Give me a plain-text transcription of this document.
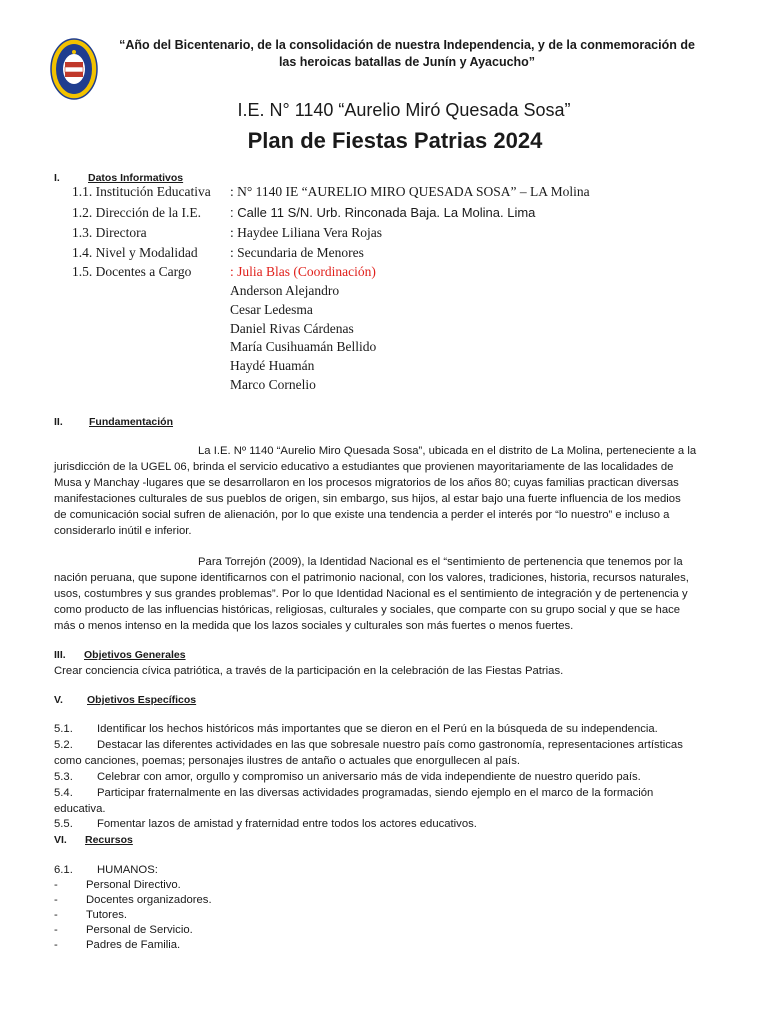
“Año del Bicentenario, de la consolidación de nuestra Independencia, y de la conmemoración de las heroicas batallas de Junín y Ayacucho”
I.E. N° 1140 “Aurelio Miró Quesada Sosa”
Plan de Fiestas Patrias 2024
I.	Datos Informativos
1.1. Institución Educativa : N° 1140 IE “AURELIO MIRO QUESADA SOSA” – LA Molina
1.2. Dirección de la I.E. : Calle 11 S/N. Urb. Rinconada Baja. La Molina. Lima
1.3. Directora	: Haydee Liliana Vera Rojas
1.4. Nivel y Modalidad : Secundaria de Menores
1.5. Docentes a Cargo	: Julia Blas (Coordinación)
Anderson Alejandro
Cesar Ledesma
Daniel Rivas Cárdenas
María Cusihuamán Bellido
Haydé Huamán
Marco Cornelio
II. Fundamentación
La I.E. Nº 1140 “Aurelio Miro Quesada Sosa”, ubicada en el distrito de La Molina, perteneciente a la
jurisdicción de la UGEL 06, brinda el servicio educativo a estudiantes que provienen mayoritariamente de las localidades de
Musa y Manchay -lugares que se desarrollaron en los procesos migratorios de los años 80; cuyas familias practican diversas
manifestaciones culturales de sus pueblos de origen, sin embargo, sus hijos, al estar bajo una fuerte influencia de los medios
de comunicación social sufren de alienación, por lo que existe una tendencia a perder el interés por “lo nuestro” e incluso a
considerarlo inútil e inferior.
Para Torrejón (2009), la Identidad Nacional es el “sentimiento de pertenencia que tenemos por la
nación peruana, que supone identificarnos con el patrimonio nacional, con los valores, tradiciones, historia, recursos naturales,
usos, costumbres y sus grandes problemas”. Por lo que Identidad Nacional es el sentimiento de integración y de pertenencia y
como producto de las influencias históricas, religiosas, culturales y sociales, que comparte con su grupo social y que se hace
más o menos intenso en la medida que los lazos sociales y culturales son más fuertes o menos fuertes.
III. Objetivos Generales
Crear conciencia cívica patriótica, a través de la participación en la celebración de las Fiestas Patrias.
V. Objetivos Específicos
5.1. Identificar los hechos históricos más importantes que se dieron en el Perú en la búsqueda de su independencia.
5.2. Destacar las diferentes actividades en las que sobresale nuestro país como gastronomía, representaciones artísticas
como canciones, poemas; personajes ilustres de antaño o actuales que enorgullecen al país.
5.3. Celebrar con amor, orgullo y compromiso un aniversario más de vida independiente de nuestro querido país.
5.4. Participar fraternalmente en las diversas actividades programadas, siendo ejemplo en el marco de la formación
educativa.
5.5. Fomentar lazos de amistad y fraternidad entre todos los actores educativos.
VI. Recursos
6.1. HUMANOS:
- Personal Directivo.
- Docentes organizadores.
- Tutores.
- Personal de Servicio.
- Padres de Familia.
